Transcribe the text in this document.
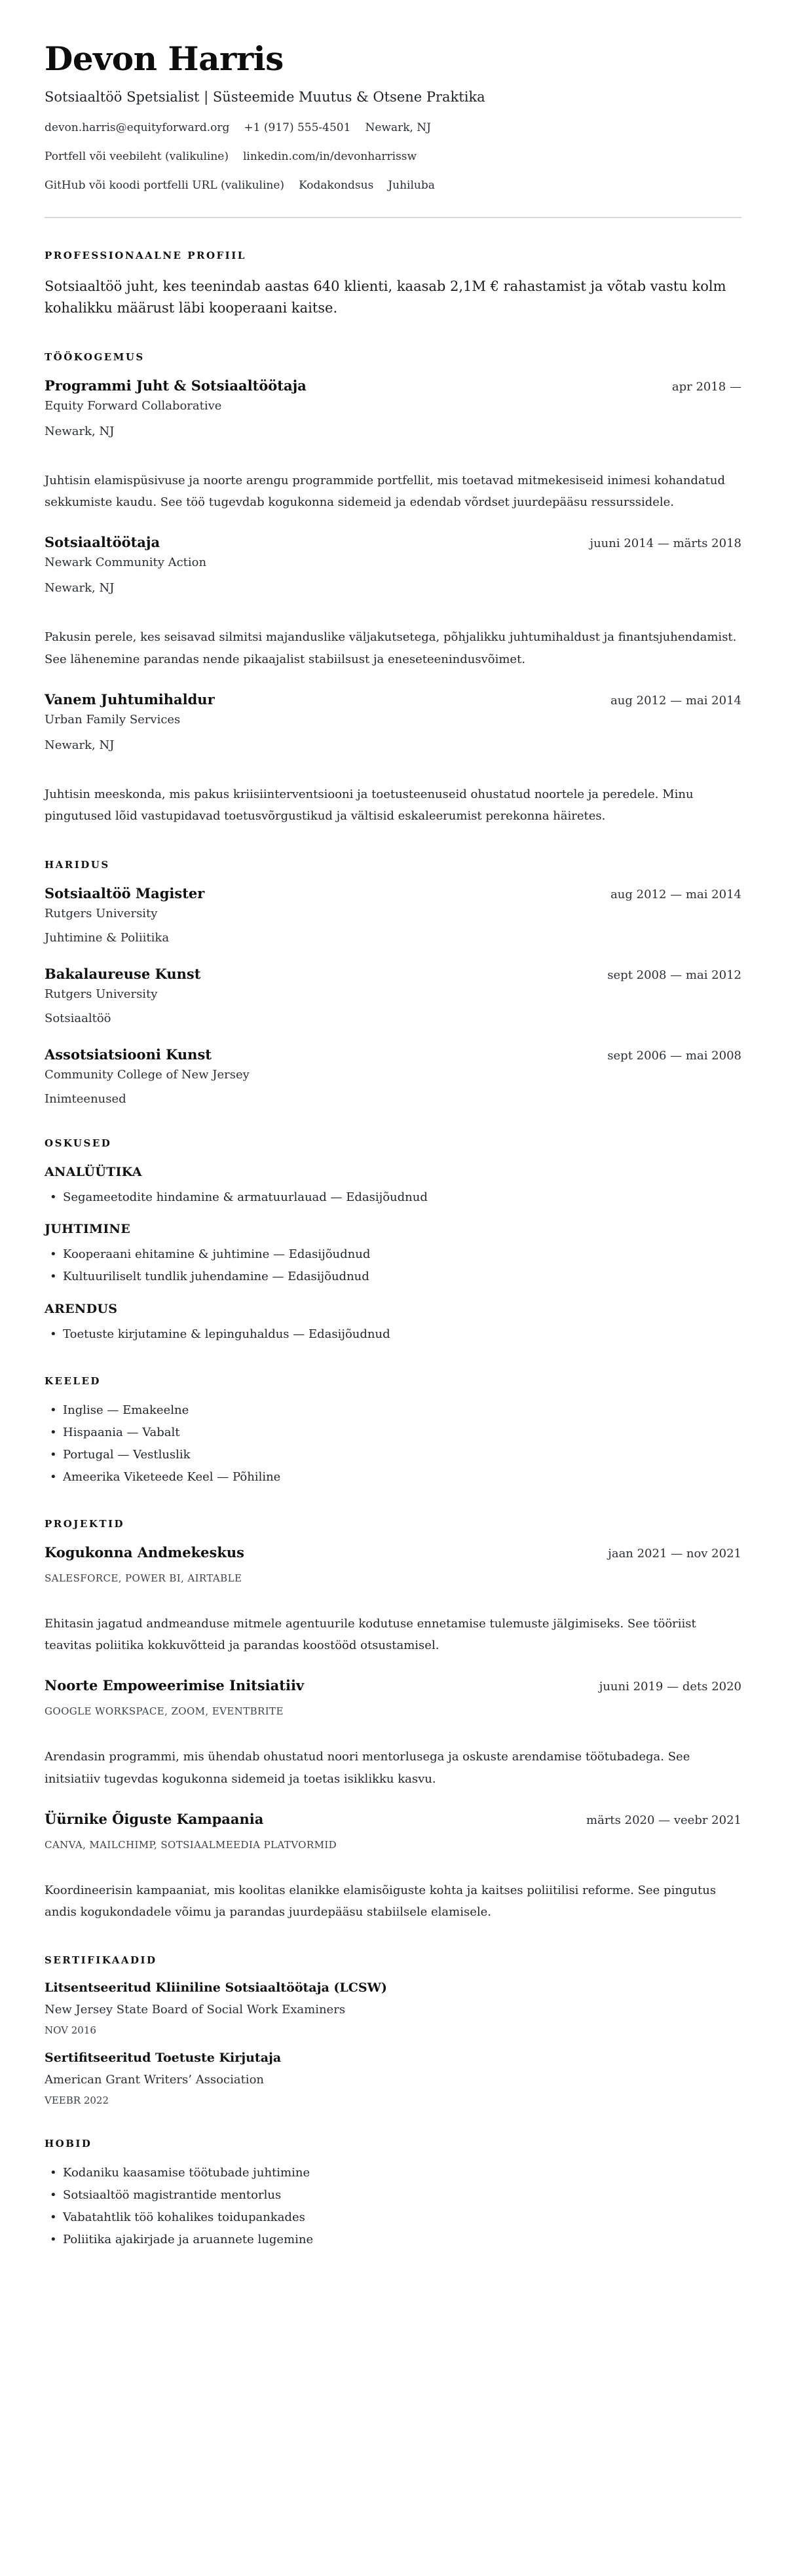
Devon Harris
Sotsiaaltöö Spetsialist | Süsteemide Muutus & Otsene Praktika
devon.harris@equityforward.org +1 (917) 555-4501 Newark, NJ
Portfell või veebileht (valikuline) linkedin.com/in/devonharrissw
GitHub või koodi portfelli URL (valikuline) Kodakondsus Juhiluba
PROFESSIONAALNE PROFIIL

Sotsiaaltöö juht, kes teenindab aastas 640 klienti, kaasab 2,1M € rahastamist ja võtab vastu kolm kohalikku määrust läbi kooperaani kaitse.

TÖÖKOGEMUS
Programmi Juht & Sotsiaaltöötaja	apr 2018 —
Equity Forward Collaborative
Newark, NJ

Juhtisin elamispüsivuse ja noorte arengu programmide portfellit, mis toetavad mitmekesiseid inimesi kohandatud sekkumiste kaudu. See töö tugevdab kogukonna sidemeid ja edendab võrdset juurdepääsu ressurssidele.

Sotsiaaltöötaja	juuni 2014 — märts 2018
Newark Community Action
Newark, NJ

Pakusin perele, kes seisavad silmitsi majanduslike väljakutsetega, põhjalikku juhtumihaldust ja finantsjuhendamist. See lähenemine parandas nende pikaajalist stabiilsust ja eneseteenindusvõimet.

Vanem Juhtumihaldur	aug 2012 — mai 2014
Urban Family Services
Newark, NJ

Juhtisin meeskonda, mis pakus kriisiinterventsiooni ja toetusteenuseid ohustatud noortele ja peredele. Minu pingutused lõid vastupidavad toetusvõrgustikud ja vältisid eskaleerumist perekonna häiretes.

HARIDUS
Sotsiaaltöö Magister	aug 2012 — mai 2014
Rutgers University
Juhtimine & Poliitika
Bakalaureuse Kunst	sept 2008 — mai 2012
Rutgers University
Sotsiaaltöö
Assotsiatsiooni Kunst	sept 2006 — mai 2008
Community College of New Jersey
Inimteenused
OSKUSED
ANALÜÜTIKA
• Segameetodite hindamine & armatuurlauad — Edasijõudnud
JUHTIMINE
• Kooperaani ehitamine & juhtimine — Edasijõudnud
• Kultuuriliselt tundlik juhendamine — Edasijõudnud
ARENDUS
• Toetuste kirjutamine & lepinguhaldus — Edasijõudnud
KEELED
• Inglise — Emakeelne
• Hispaania — Vabalt
• Portugal — Vestluslik
• Ameerika Viketeede Keel — Põhiline
PROJEKTID
Kogukonna Andmekeskus	jaan 2021 — nov 2021
SALESFORCE, POWER BI, AIRTABLE

Ehitasin jagatud andmeanduse mitmele agentuurile kodutuse ennetamise tulemuste jälgimiseks. See tööriist teavitas poliitika kokkuvõtteid ja parandas koostööd otsustamisel.

Noorte Empoweerimise Initsiatiiv	juuni 2019 — dets 2020
GOOGLE WORKSPACE, ZOOM, EVENTBRITE

Arendasin programmi, mis ühendab ohustatud noori mentorlusega ja oskuste arendamise töötubadega. See initsiatiiv tugevdas kogukonna sidemeid ja toetas isiklikku kasvu.

Üürnike Õiguste Kampaania	märts 2020 — veebr 2021
CANVA, MAILCHIMP, SOTSIAALMEEDIA PLATVORMID

Koordineerisin kampaaniat, mis koolitas elanikke elamisõiguste kohta ja kaitses poliitilisi reforme. See pingutus andis kogukondadele võimu ja parandas juurdepääsu stabiilsele elamisele.

SERTIFIKAADID
Litsentseeritud Kliiniline Sotsiaaltöötaja (LCSW)
New Jersey State Board of Social Work Examiners
NOV 2016
Sertifitseeritud Toetuste Kirjutaja
American Grant Writers’ Association
VEEBR 2022
HOBID
• Kodaniku kaasamise töötubade juhtimine
• Sotsiaaltöö magistrantide mentorlus
• Vabatahtlik töö kohalikes toidupankades
• Poliitika ajakirjade ja aruannete lugemine
